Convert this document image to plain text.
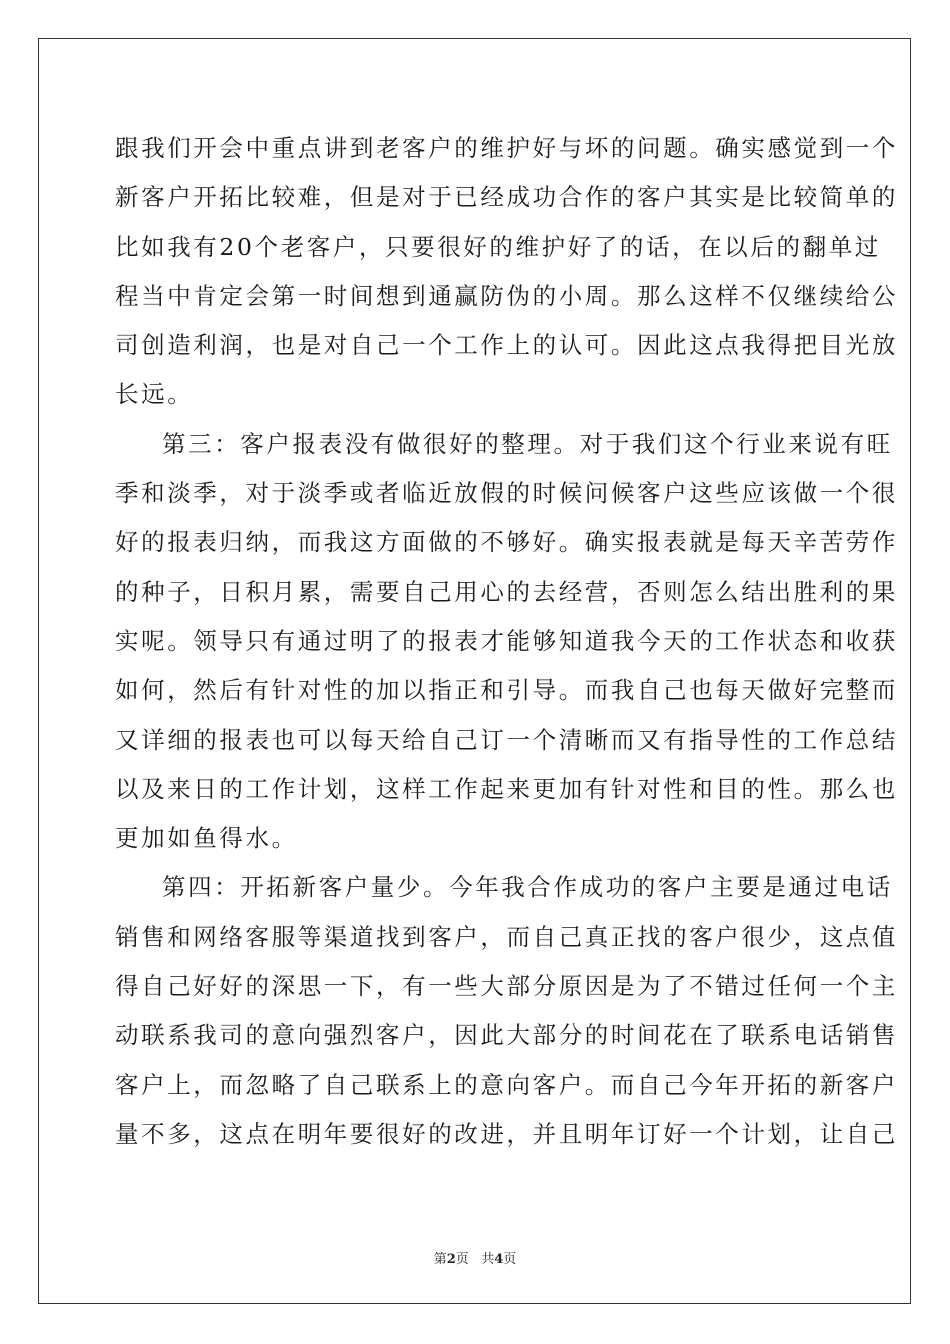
跟我们开会中重点讲到老客户的维护好与坏的问题。确实感觉到一个
新客户开拓比较难，但是对于已经成功合作的客户其实是比较简单的
比如我有20个老客户，只要很好的维护好了的话，在以后的翻单过
程当中肯定会第一时间想到通赢防伪的小周。那么这样不仅继续给公
司创造利润，也是对自己一个工作上的认可。因此这点我得把目光放
长远。
第三：客户报表没有做很好的整理。对于我们这个行业来说有旺
季和淡季，对于淡季或者临近放假的时候问候客户这些应该做一个很
好的报表归纳，而我这方面做的不够好。确实报表就是每天辛苦劳作
的种子，日积月累，需要自己用心的去经营，否则怎么结出胜利的果
实呢。领导只有通过明了的报表才能够知道我今天的工作状态和收获
如何，然后有针对性的加以指正和引导。而我自己也每天做好完整而
又详细的报表也可以每天给自己订一个清晰而又有指导性的工作总结
以及来日的工作计划，这样工作起来更加有针对性和目的性。那么也
更加如鱼得水。
第四：开拓新客户量少。今年我合作成功的客户主要是通过电话
销售和网络客服等渠道找到客户，而自己真正找的客户很少，这点值
得自己好好的深思一下，有一些大部分原因是为了不错过任何一个主
动联系我司的意向强烈客户，因此大部分的时间花在了联系电话销售
客户上，而忽略了自己联系上的意向客户。而自己今年开拓的新客户
量不多，这点在明年要很好的改进，并且明年订好一个计划，让自己
第2页 共4页
